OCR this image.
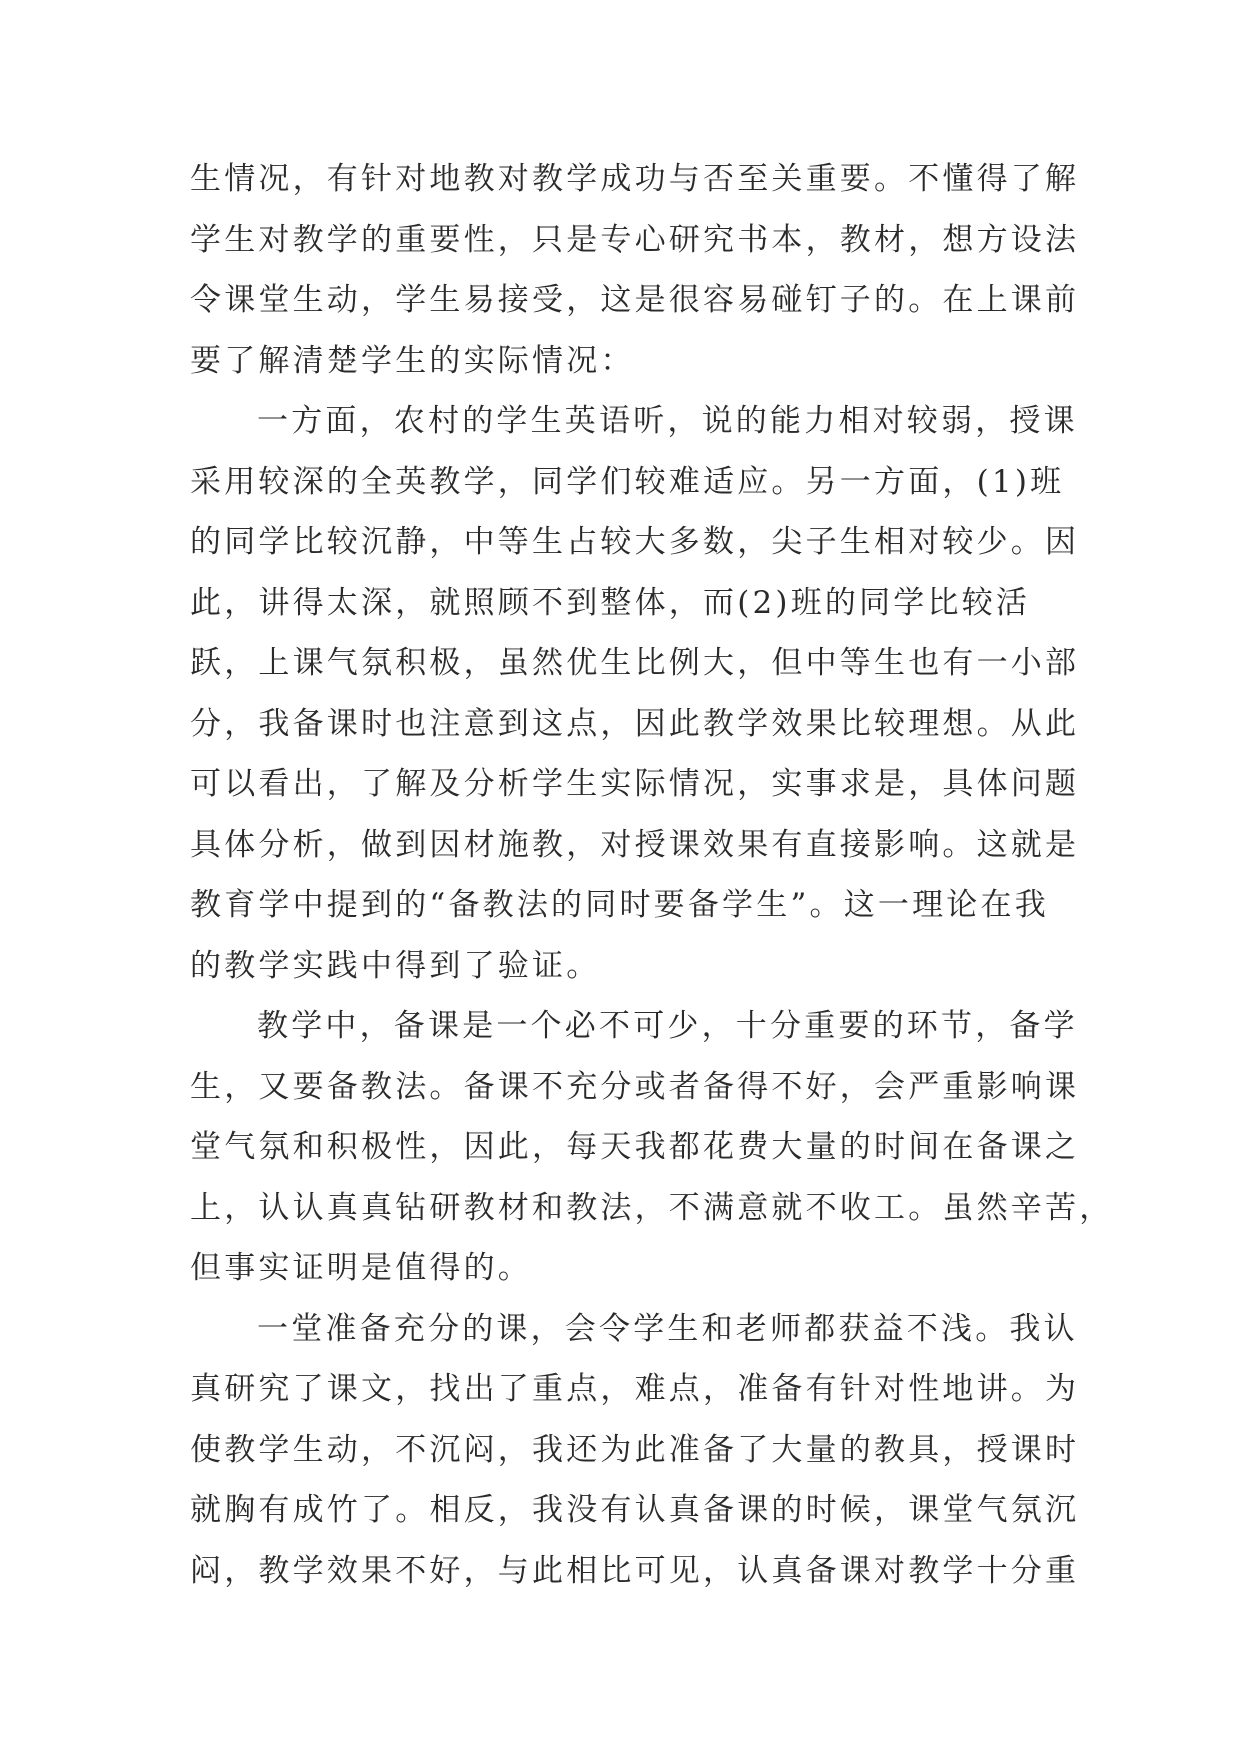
生情况，有针对地教对教学成功与否至关重要。不懂得了解

学生对教学的重要性，只是专心研究书本，教材，想方设法

令课堂生动，学生易接受，这是很容易碰钉子的。在上课前

要了解清楚学生的实际情况：

一方面，农村的学生英语听，说的能力相对较弱，授课

采用较深的全英教学，同学们较难适应。另一方面，(1)班

的同学比较沉静，中等生占较大多数，尖子生相对较少。因

此，讲得太深，就照顾不到整体，而(2)班的同学比较活

跃，上课气氛积极，虽然优生比例大，但中等生也有一小部

分，我备课时也注意到这点，因此教学效果比较理想。从此

可以看出，了解及分析学生实际情况，实事求是，具体问题

具体分析，做到因材施教，对授课效果有直接影响。这就是

教育学中提到的“备教法的同时要备学生”。这一理论在我

的教学实践中得到了验证。

教学中，备课是一个必不可少，十分重要的环节，备学

生，又要备教法。备课不充分或者备得不好，会严重影响课

堂气氛和积极性，因此，每天我都花费大量的时间在备课之

上，认认真真钻研教材和教法，不满意就不收工。虽然辛苦，

但事实证明是值得的。

一堂准备充分的课，会令学生和老师都获益不浅。我认

真研究了课文，找出了重点，难点，准备有针对性地讲。为

使教学生动，不沉闷，我还为此准备了大量的教具，授课时

就胸有成竹了。相反，我没有认真备课的时候，课堂气氛沉

闷，教学效果不好，与此相比可见，认真备课对教学十分重
